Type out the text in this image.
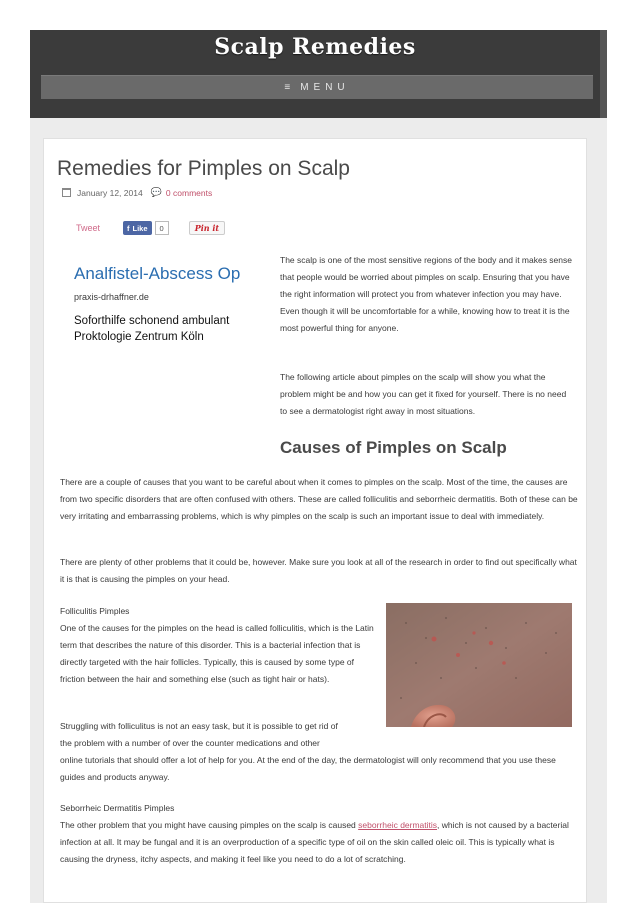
Scalp Remedies
≡ MENU
Remedies for Pimples on Scalp
January 12, 2014 💬 0 comments
Tweet	f Like	0	Pin it
Analfistel-Abscess Op
praxis-drhaffner.de
Soforthilfe schonend ambulant Proktologie Zentrum Köln

The scalp is one of the most sensitive regions of the body and it makes sense that people would be worried about pimples on scalp. Ensuring that you have the right information will protect you from whatever infection you may have. Even though it will be uncomfortable for a while, knowing how to treat it is the most powerful thing for anyone.

The following article about pimples on the scalp will show you what the problem might be and how you can get it fixed for yourself. There is no need to see a dermatologist right away in most situations.

Causes of Pimples on Scalp

There are a couple of causes that you want to be careful about when it comes to pimples on the scalp. Most of the time, the causes are from two specific disorders that are often confused with others. These are called folliculitis and seborrheic dermatitis. Both of these can be very irritating and embarrassing problems, which is why pimples on the scalp is such an important issue to deal with immediately.

There are plenty of other problems that it could be, however. Make sure you look at all of the research in order to find out specifically what it is that is causing the pimples on your head.

Folliculitis Pimples
One of the causes for the pimples on the head is called folliculitis, which is the Latin term that describes the nature of this disorder. This is a bacterial infection that is directly targeted with the hair follicles. Typically, this is caused by some type of friction between the hair and something else (such as tight hair or hats).
Struggling with folliculitus is not an easy task, but it is possible to get rid of
the problem with a number of over the counter medications and other
online tutorials that should offer a lot of help for you. At the end of the day, the dermatologist will only recommend that you use these guides and products anyway.
Seborrheic Dermatitis Pimples
The other problem that you might have causing pimples on the scalp is caused seborrheic dermatitis, which is not caused by a bacterial infection at all. It may be fungal and it is an overproduction of a specific type of oil on the skin called oleic oil. This is typically what is causing the dryness, itchy aspects, and making it feel like you need to do a lot of scratching.
